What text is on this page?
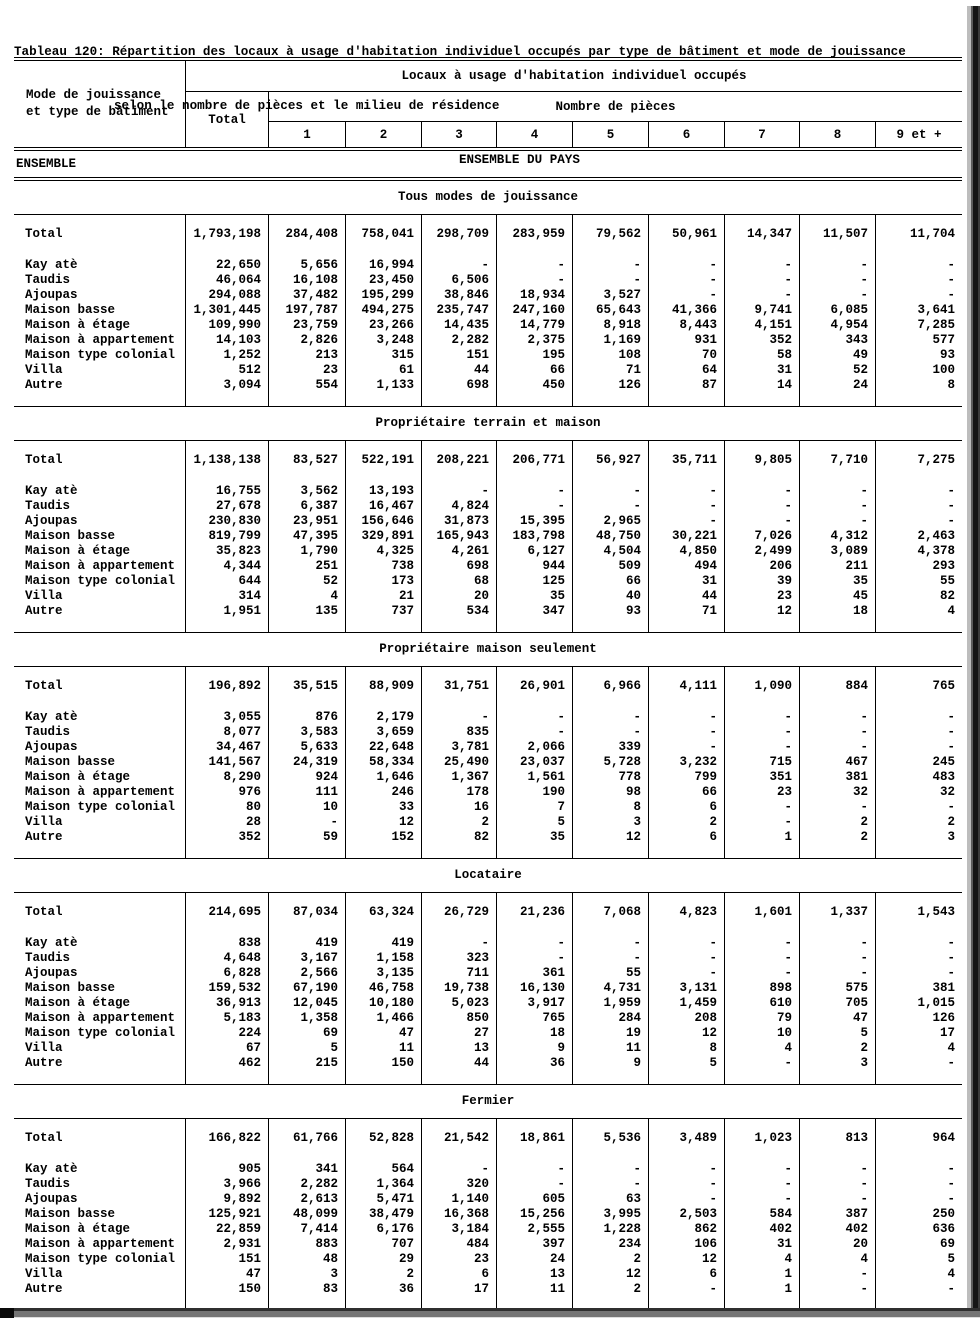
Tableau 120: Répartition des locaux à usage d'habitation individuel occupés par type de bâtiment et mode de jouissance

selon le nombre de pièces et le milieu de résidence

ENSEMBLE DU PAYS

Mode de jouissance
et type de bâtiment
Locaux à usage d'habitation individuel occupés
Total
Nombre de pièces
1	2	3	4	5	6	7	8	9 et +
ENSEMBLE
Tous modes de jouissance
Total	1,793,198	284,408	758,041	298,709	283,959	79,562	50,961	14,347	11,507	11,704
Kay atè	22,650	5,656	16,994	-	-	-	-	-	-	-
Taudis	46,064	16,108	23,450	6,506	-	-	-	-	-	-
Ajoupas	294,088	37,482	195,299	38,846	18,934	3,527	-	-	-	-
Maison basse	1,301,445	197,787	494,275	235,747	247,160	65,643	41,366	9,741	6,085	3,641
Maison à étage	109,990	23,759	23,266	14,435	14,779	8,918	8,443	4,151	4,954	7,285
Maison à appartement	14,103	2,826	3,248	2,282	2,375	1,169	931	352	343	577
Maison type colonial	1,252	213	315	151	195	108	70	58	49	93
Villa	512	23	61	44	66	71	64	31	52	100
Autre	3,094	554	1,133	698	450	126	87	14	24	8
Propriétaire terrain et maison
Total	1,138,138	83,527	522,191	208,221	206,771	56,927	35,711	9,805	7,710	7,275
Kay atè	16,755	3,562	13,193	-	-	-	-	-	-	-
Taudis	27,678	6,387	16,467	4,824	-	-	-	-	-	-
Ajoupas	230,830	23,951	156,646	31,873	15,395	2,965	-	-	-	-
Maison basse	819,799	47,395	329,891	165,943	183,798	48,750	30,221	7,026	4,312	2,463
Maison à étage	35,823	1,790	4,325	4,261	6,127	4,504	4,850	2,499	3,089	4,378
Maison à appartement	4,344	251	738	698	944	509	494	206	211	293
Maison type colonial	644	52	173	68	125	66	31	39	35	55
Villa	314	4	21	20	35	40	44	23	45	82
Autre	1,951	135	737	534	347	93	71	12	18	4
Propriétaire maison seulement
Total	196,892	35,515	88,909	31,751	26,901	6,966	4,111	1,090	884	765
Kay atè	3,055	876	2,179	-	-	-	-	-	-	-
Taudis	8,077	3,583	3,659	835	-	-	-	-	-	-
Ajoupas	34,467	5,633	22,648	3,781	2,066	339	-	-	-	-
Maison basse	141,567	24,319	58,334	25,490	23,037	5,728	3,232	715	467	245
Maison à étage	8,290	924	1,646	1,367	1,561	778	799	351	381	483
Maison à appartement	976	111	246	178	190	98	66	23	32	32
Maison type colonial	80	10	33	16	7	8	6	-	-	-
Villa	28	-	12	2	5	3	2	-	2	2
Autre	352	59	152	82	35	12	6	1	2	3
Locataire
Total	214,695	87,034	63,324	26,729	21,236	7,068	4,823	1,601	1,337	1,543
Kay atè	838	419	419	-	-	-	-	-	-	-
Taudis	4,648	3,167	1,158	323	-	-	-	-	-	-
Ajoupas	6,828	2,566	3,135	711	361	55	-	-	-	-
Maison basse	159,532	67,190	46,758	19,738	16,130	4,731	3,131	898	575	381
Maison à étage	36,913	12,045	10,180	5,023	3,917	1,959	1,459	610	705	1,015
Maison à appartement	5,183	1,358	1,466	850	765	284	208	79	47	126
Maison type colonial	224	69	47	27	18	19	12	10	5	17
Villa	67	5	11	13	9	11	8	4	2	4
Autre	462	215	150	44	36	9	5	-	3	-
Fermier
Total	166,822	61,766	52,828	21,542	18,861	5,536	3,489	1,023	813	964
Kay atè	905	341	564	-	-	-	-	-	-	-
Taudis	3,966	2,282	1,364	320	-	-	-	-	-	-
Ajoupas	9,892	2,613	5,471	1,140	605	63	-	-	-	-
Maison basse	125,921	48,099	38,479	16,368	15,256	3,995	2,503	584	387	250
Maison à étage	22,859	7,414	6,176	3,184	2,555	1,228	862	402	402	636
Maison à appartement	2,931	883	707	484	397	234	106	31	20	69
Maison type colonial	151	48	29	23	24	2	12	4	4	5
Villa	47	3	2	6	13	12	6	1	-	4
Autre	150	83	36	17	11	2	-	1	-	-
